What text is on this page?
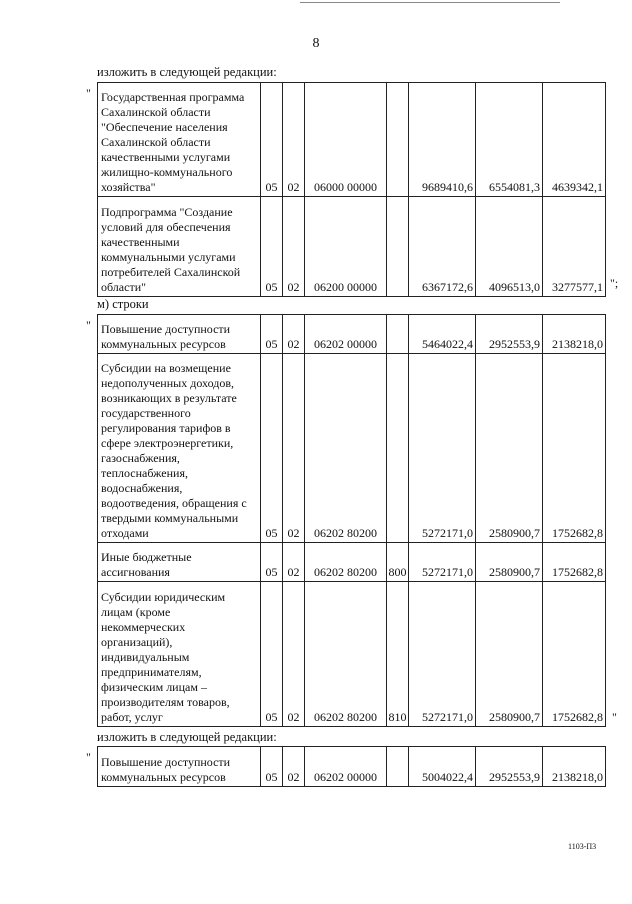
8
изложить в следующей редакции:
" Государственная программа Сахалинской области "Обеспечение населения Сахалинской области качественными услугами жилищно-коммунального хозяйства"	05	02	06000 00000		9689410,6	6554081,3	4639342,1
Подпрограмма "Создание условий для обеспечения качественными коммунальными услугами потребителей Сахалинской области"	05	02	06200 00000		6367172,6	4096513,0	3277577,1 ";
м) строки
" Повышение доступности коммунальных ресурсов	05	02	06202 00000		5464022,4	2952553,9	2138218,0
Субсидии на возмещение недополученных доходов, возникающих в результате государственного регулирования тарифов в сфере электроэнергетики, газоснабжения, теплоснабжения, водоснабжения, водоотведения, обращения с твердыми коммунальными отходами	05	02	06202 80200		5272171,0	2580900,7	1752682,8
Иные бюджетные ассигнования	05	02	06202 80200	800	5272171,0	2580900,7	1752682,8
Субсидии юридическим лицам (кроме некоммерческих организаций), индивидуальным предпринимателям, физическим лицам – производителям товаров, работ, услуг	05	02	06202 80200	810	5272171,0	2580900,7	1752682,8 "
изложить в следующей редакции:
" Повышение доступности коммунальных ресурсов	05	02	06202 00000		5004022,4	2952553,9	2138218,0
1103-П3
